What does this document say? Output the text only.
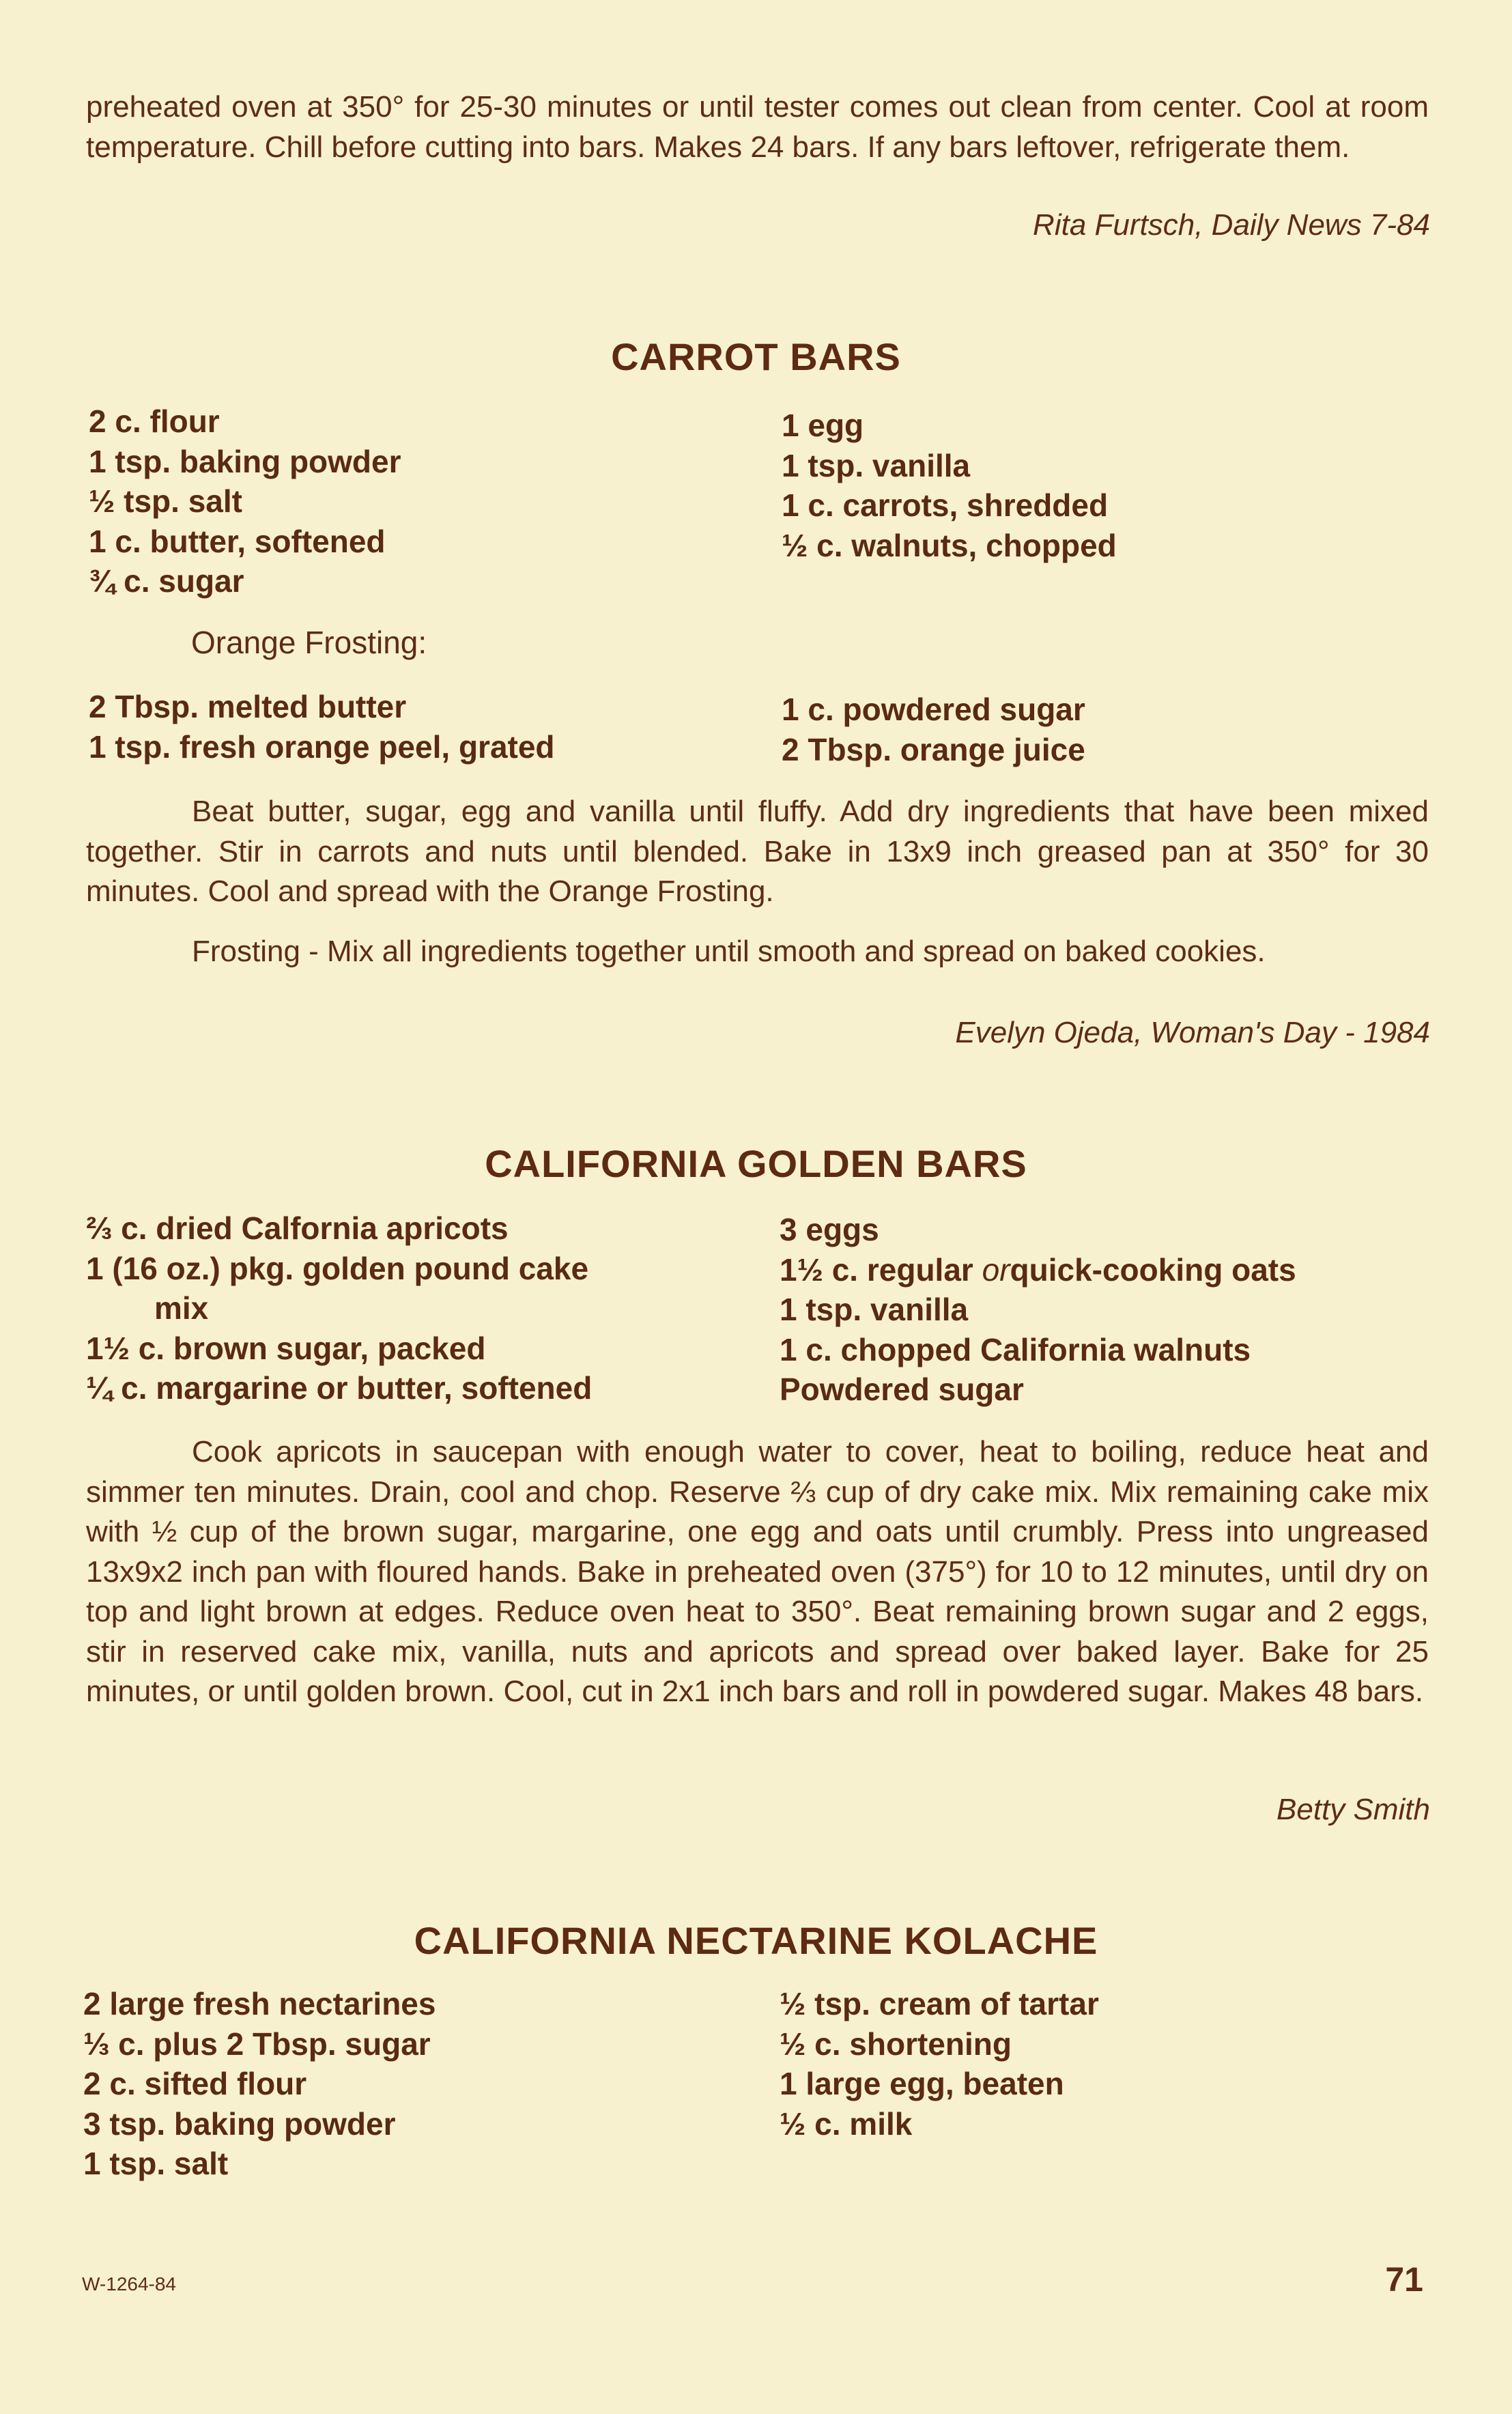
preheated oven at 350° for 25-30 minutes or until tester comes out clean from center. Cool at room temperature. Chill before cutting into bars. Makes 24 bars. If any bars leftover, refrigerate them.

Rita Furtsch, Daily News 7-84
CARROT BARS
2 c. flour
1 tsp. baking powder
½ tsp. salt
1 c. butter, softened
¾ c. sugar
1 egg
1 tsp. vanilla
1 c. carrots, shredded
½ c. walnuts, chopped
Orange Frosting:
2 Tbsp. melted butter
1 tsp. fresh orange peel, grated
1 c. powdered sugar
2 Tbsp. orange juice

Beat butter, sugar, egg and vanilla until fluffy. Add dry ingredients that have been mixed together. Stir in carrots and nuts until blended. Bake in 13x9 inch greased pan at 350° for 30 minutes. Cool and spread with the Orange Frosting.

Frosting - Mix all ingredients together until smooth and spread on baked cookies.

Evelyn Ojeda, Woman's Day - 1984
CALIFORNIA GOLDEN BARS
⅔ c. dried Calfornia apricots
1 (16 oz.) pkg. golden pound cake
mix
1½ c. brown sugar, packed
¼ c. margarine or butter, softened
3 eggs
1½ c. regular orquick-cooking oats
1 tsp. vanilla
1 c. chopped California walnuts
Powdered sugar

Cook apricots in saucepan with enough water to cover, heat to boiling, reduce heat and simmer ten minutes. Drain, cool and chop. Reserve ⅔ cup of dry cake mix. Mix remaining cake mix with ½ cup of the brown sugar, margarine, one egg and oats until crumbly. Press into ungreased 13x9x2 inch pan with floured hands. Bake in preheated oven (375°) for 10 to 12 minutes, until dry on top and light brown at edges. Reduce oven heat to 350°. Beat remaining brown sugar and 2 eggs, stir in reserved cake mix, vanilla, nuts and apricots and spread over baked layer. Bake for 25 minutes, or until golden brown. Cool, cut in 2x1 inch bars and roll in powdered sugar. Makes 48 bars.

Betty Smith
CALIFORNIA NECTARINE KOLACHE
2 large fresh nectarines
⅓ c. plus 2 Tbsp. sugar
2 c. sifted flour
3 tsp. baking powder
1 tsp. salt
½ tsp. cream of tartar
½ c. shortening
1 large egg, beaten
½ c. milk
W-1264-84	71
